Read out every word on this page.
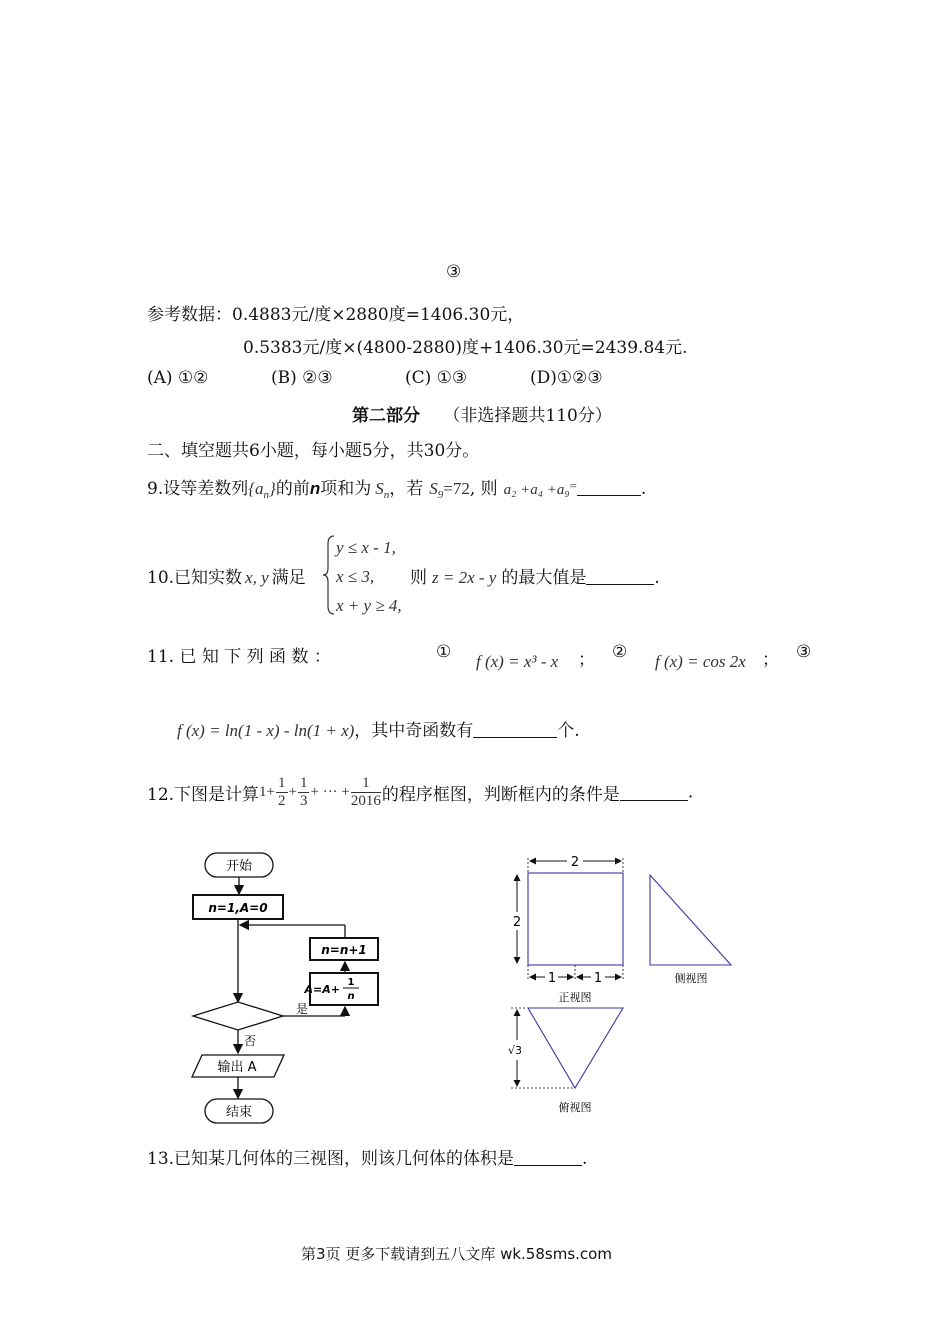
③
参考数据：0.4883元/度×2880度=1406.30元，
0.5383元/度×(4800-2880)度+1406.30元=2439.84元.
(A) ①②	(B) ②③	(C) ①③	(D)①②③
第二部分 （非选择题共110分）
二、填空题共6小题，每小题5分，共30分。
9.设等差数列$\{a_n\}$的前n项和为 $S_n$，若 $S_9=72$, 则 a₂ +a₄ +a₉=	.
10.已知实数 x, y 满足
y ≤ x - 1,
x ≤ 3,
x + y ≥ 4,
则 z = 2x - y 的最大值是	.
11. 已 知 下 列 函 数 ：	① f (x) = x³ - x ； ② f (x) = cos 2x ； ③
f (x) = ln(1 - x) - ln(1 + x)，其中奇函数有	个.
12.下图是计算$1+ \frac{1}{2} + \frac{1}{3}$ + ··· + $\frac{1}{2016}$ 的程序框图，判断框内的条件是	.
开始
n=1,A=0
n=n+1
A=A+
1
n
是
否
输出 A
结束
2
2
1	1
正视图
侧视图
√3
俯视图
13.已知某几何体的三视图，则该几何体的体积是	.
第3页 更多下载请到五八文库 wk.58sms.com
